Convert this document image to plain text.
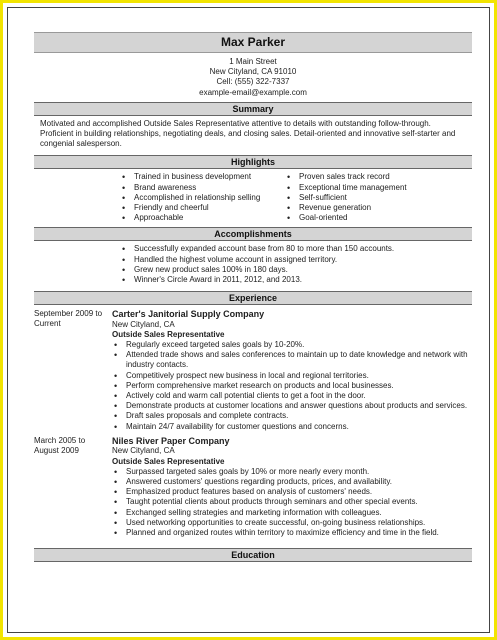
Max Parker
1 Main Street
New Cityland, CA 91010
Cell: (555) 322-7337
example-email@example.com
Summary
Motivated and accomplished Outside Sales Representative attentive to details with outstanding follow-through. Proficient in building relationships, negotiating deals, and closing sales. Detail-oriented and innovative self-starter and congenial salesperson.
Highlights
• Trained in business development
• Brand awareness
• Accomplished in relationship selling
• Friendly and cheerful
• Approachable
• Proven sales track record
• Exceptional time management
• Self-sufficient
• Revenue generation
• Goal-oriented
Accomplishments
• Successfully expanded account base from 80 to more than 150 accounts.
• Handled the highest volume account in assigned territory.
• Grew new product sales 100% in 180 days.
• Winner's Circle Award in 2011, 2012, and 2013.
Experience
September 2009 to
Current
Carter's Janitorial Supply Company
New Cityland, CA
Outside Sales Representative
• Regularly exceed targeted sales goals by 10-20%.
• Attended trade shows and sales conferences to maintain up to date knowledge and network with industry contacts.
• Competitively prospect new business in local and regional territories.
• Perform comprehensive market research on products and local businesses.
• Actively cold and warm call potential clients to get a foot in the door.
• Demonstrate products at customer locations and answer questions about products and services.
• Draft sales proposals and complete contracts.
• Maintain 24/7 availability for customer questions and concerns.
March 2005 to
August 2009
Niles River Paper Company
New Cityland, CA
Outside Sales Representative
• Surpassed targeted sales goals by 10% or more nearly every month.
• Answered customers' questions regarding products, prices, and availability.
• Emphasized product features based on analysis of customers' needs.
• Taught potential clients about products through seminars and other special events.
• Exchanged selling strategies and marketing information with colleagues.
• Used networking opportunities to create successful, on-going business relationships.
• Planned and organized routes within territory to maximize efficiency and time in the field.
Education
